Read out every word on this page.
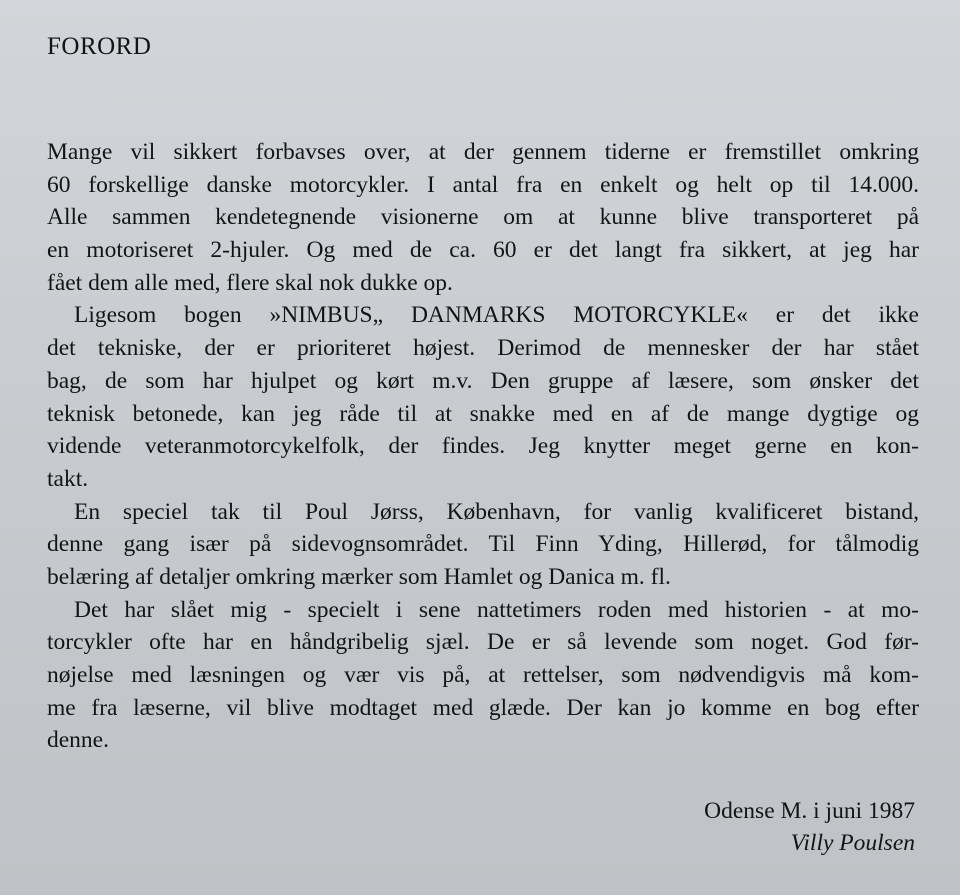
FORORD
Mange vil sikkert forbavses over, at der gennem tiderne er fremstillet omkring
60 forskellige danske motorcykler. I antal fra en enkelt og helt op til 14.000.
Alle sammen kendetegnende visionerne om at kunne blive transporteret på
en motoriseret 2-hjuler. Og med de ca. 60 er det langt fra sikkert, at jeg har
fået dem alle med, flere skal nok dukke op.
Ligesom bogen »NIMBUS„ DANMARKS MOTORCYKLE« er det ikke
det tekniske, der er prioriteret højest. Derimod de mennesker der har stået
bag, de som har hjulpet og kørt m.v. Den gruppe af læsere, som ønsker det
teknisk betonede, kan jeg råde til at snakke med en af de mange dygtige og
vidende veteranmotorcykelfolk, der findes. Jeg knytter meget gerne en kon-
takt.
En speciel tak til Poul Jørss, København, for vanlig kvalificeret bistand,
denne gang især på sidevognsområdet. Til Finn Yding, Hillerød, for tålmodig
belæring af detaljer omkring mærker som Hamlet og Danica m. fl.
Det har slået mig - specielt i sene nattetimers roden med historien - at mo-
torcykler ofte har en håndgribelig sjæl. De er så levende som noget. God før-
nøjelse med læsningen og vær vis på, at rettelser, som nødvendigvis må kom-
me fra læserne, vil blive modtaget med glæde. Der kan jo komme en bog efter
denne.
Odense M. i juni 1987
Villy Poulsen
